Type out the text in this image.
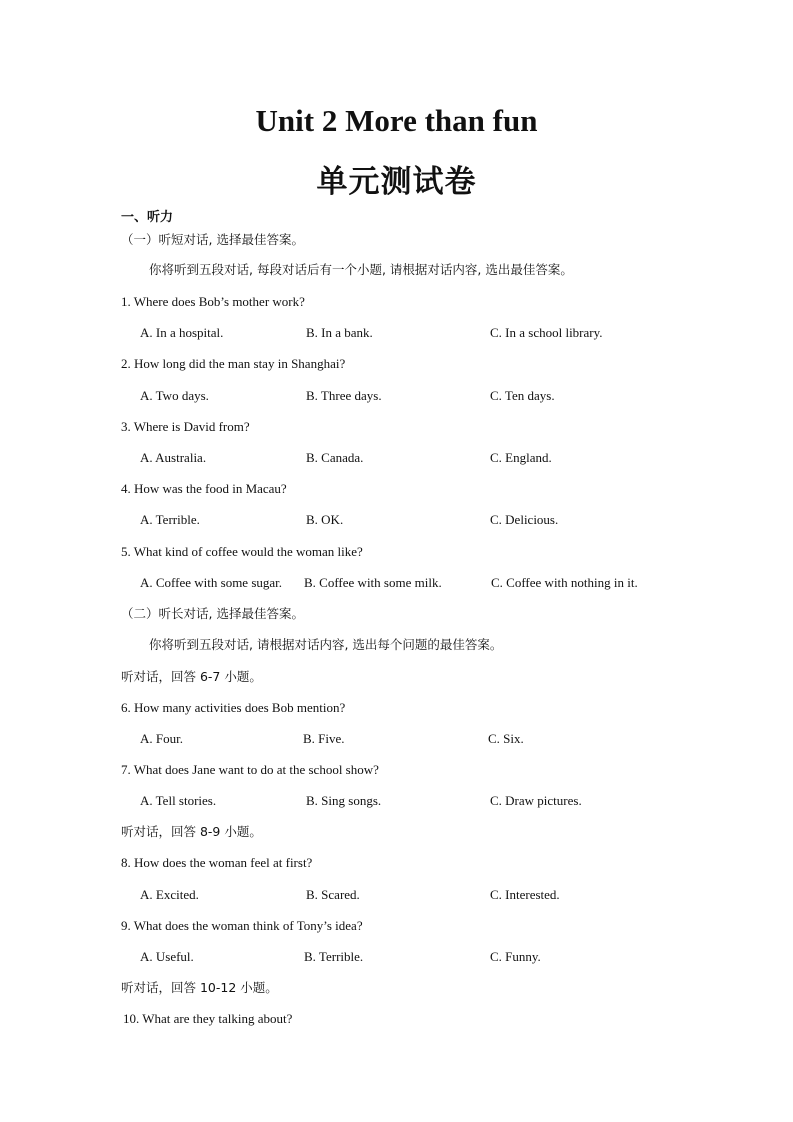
Unit 2 More than fun
单元测试卷
一、听力
（一）听短对话, 选择最佳答案。
你将听到五段对话, 每段对话后有一个小题, 请根据对话内容, 选出最佳答案。
1. Where does Bob’s mother work?
A. In a hospital.	B. In a bank.	C. In a school library.
2. How long did the man stay in Shanghai?
A. Two days.	B. Three days.	C. Ten days.
3. Where is David from?
A. Australia.	B. Canada.	C. England.
4. How was the food in Macau?
A. Terrible.	B. OK.	C. Delicious.
5. What kind of coffee would the woman like?
A. Coffee with some sugar. B. Coffee with some milk.	C. Coffee with nothing in it.
（二）听长对话, 选择最佳答案。
你将听到五段对话, 请根据对话内容, 选出每个问题的最佳答案。
听对话，回答 6-7 小题。
6. How many activities does Bob mention?
A. Four.	B. Five.	C. Six.
7. What does Jane want to do at the school show?
A. Tell stories.	B. Sing songs.	C. Draw pictures.
听对话，回答 8-9 小题。
8. How does the woman feel at first?
A. Excited.	B. Scared.	C. Interested.
9. What does the woman think of Tony’s idea?
A. Useful.	B. Terrible.	C. Funny.
听对话，回答 10-12 小题。
10. What are they talking about?
